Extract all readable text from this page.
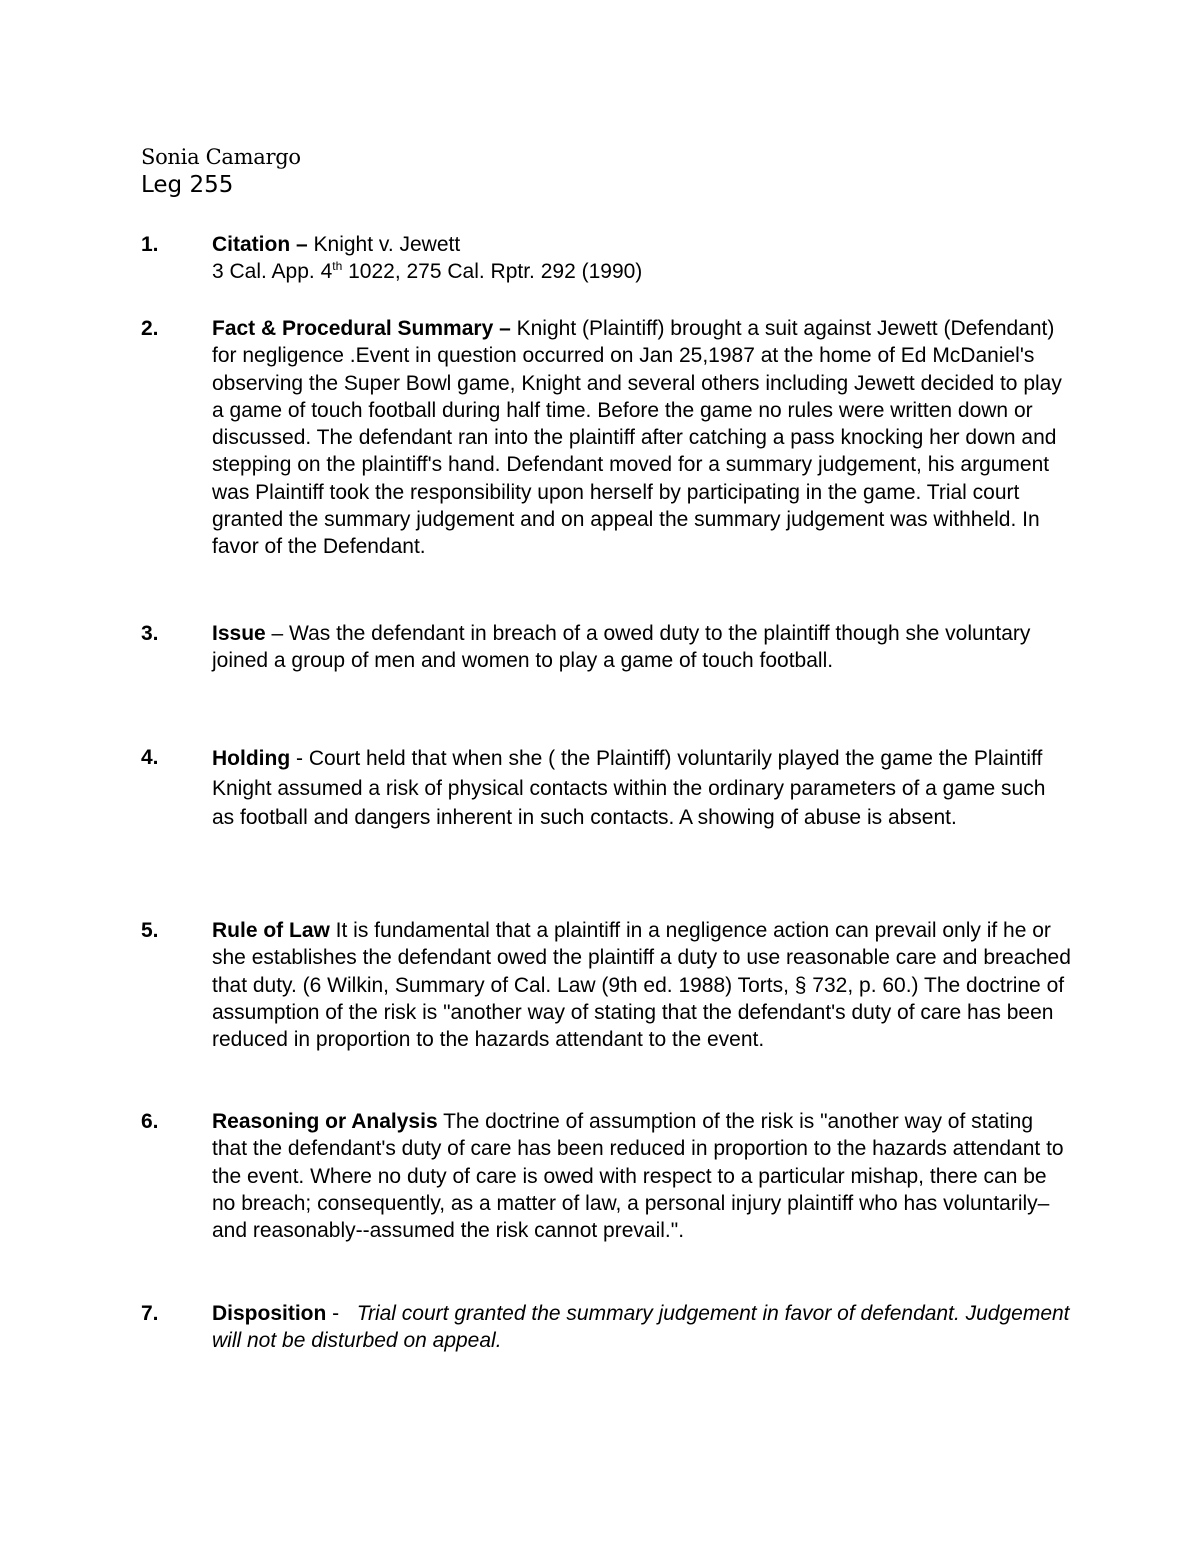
Sonia Camargo
Leg 255
1.	Citation – Knight v. Jewett
3 Cal. App. 4th 1022, 275 Cal. Rptr. 292 (1990)
2.	Fact & Procedural Summary – Knight (Plaintiff) brought a suit against Jewett (Defendant) for negligence .Event in question occurred on Jan 25,1987 at the home of Ed McDaniel's observing the Super Bowl game, Knight and several others including Jewett decided to play a game of touch football during half time. Before the game no rules were written down or discussed. The defendant ran into the plaintiff after catching a pass knocking her down and stepping on the plaintiff's hand. Defendant moved for a summary judgement, his argument was Plaintiff took the responsibility upon herself by participating in the game. Trial court granted the summary judgement and on appeal the summary judgement was withheld. In favor of the Defendant.
3.	Issue – Was the defendant in breach of a owed duty to the plaintiff though she voluntary joined a group of men and women to play a game of touch football.
4.	Holding - Court held that when she ( the Plaintiff) voluntarily played the game the Plaintiff Knight assumed a risk of physical contacts within the ordinary parameters of a game such as football and dangers inherent in such contacts. A showing of abuse is absent.
5.	Rule of Law It is fundamental that a plaintiff in a negligence action can prevail only if he or she establishes the defendant owed the plaintiff a duty to use reasonable care and breached that duty. (6 Wilkin, Summary of Cal. Law (9th ed. 1988) Torts, § 732, p. 60.) The doctrine of assumption of the risk is "another way of stating that the defendant's duty of care has been reduced in proportion to the hazards attendant to the event.
6.	Reasoning or Analysis The doctrine of assumption of the risk is "another way of stating that the defendant's duty of care has been reduced in proportion to the hazards attendant to the event. Where no duty of care is owed with respect to a particular mishap, there can be no breach; consequently, as a matter of law, a personal injury plaintiff who has voluntarily–and reasonably--assumed the risk cannot prevail.".
7.	Disposition -   Trial court granted the summary judgement in favor of defendant. Judgement will not be disturbed on appeal.
